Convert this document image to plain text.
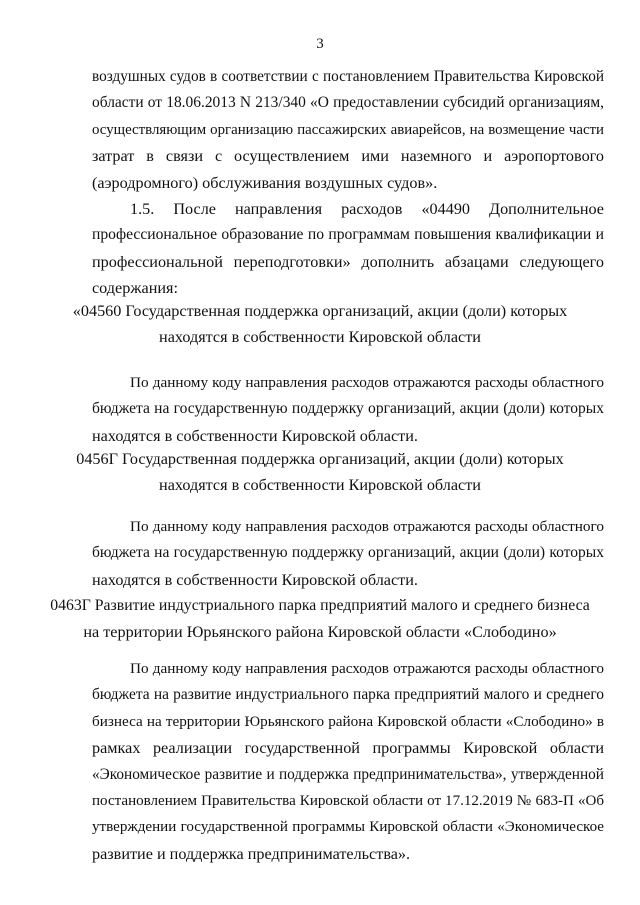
3
воздушных судов в соответствии с постановлением Правительства Кировской
области от 18.06.2013 N 213/340 «О предоставлении субсидий организациям,
осуществляющим организацию пассажирских авиарейсов, на возмещение части
затрат в связи с осуществлением ими наземного и аэропортового
(аэродромного) обслуживания воздушных судов».
1.5. После направления расходов «04490 Дополнительное
профессиональное образование по программам повышения квалификации и
профессиональной переподготовки» дополнить абзацами следующего
содержания:
«04560 Государственная поддержка организаций, акции (доли) которых
находятся в собственности Кировской области
По данному коду направления расходов отражаются расходы областного
бюджета на государственную поддержку организаций, акции (доли) которых
находятся в собственности Кировской области.
0456Г Государственная поддержка организаций, акции (доли) которых
находятся в собственности Кировской области
По данному коду направления расходов отражаются расходы областного
бюджета на государственную поддержку организаций, акции (доли) которых
находятся в собственности Кировской области.
0463Г Развитие индустриального парка предприятий малого и среднего бизнеса
на территории Юрьянского района Кировской области «Слободино»
По данному коду направления расходов отражаются расходы областного
бюджета на развитие индустриального парка предприятий малого и среднего
бизнеса на территории Юрьянского района Кировской области «Слободино» в
рамках реализации государственной программы Кировской области
«Экономическое развитие и поддержка предпринимательства», утвержденной
постановлением Правительства Кировской области от 17.12.2019 № 683-П «Об
утверждении государственной программы Кировской области «Экономическое
развитие и поддержка предпринимательства».
